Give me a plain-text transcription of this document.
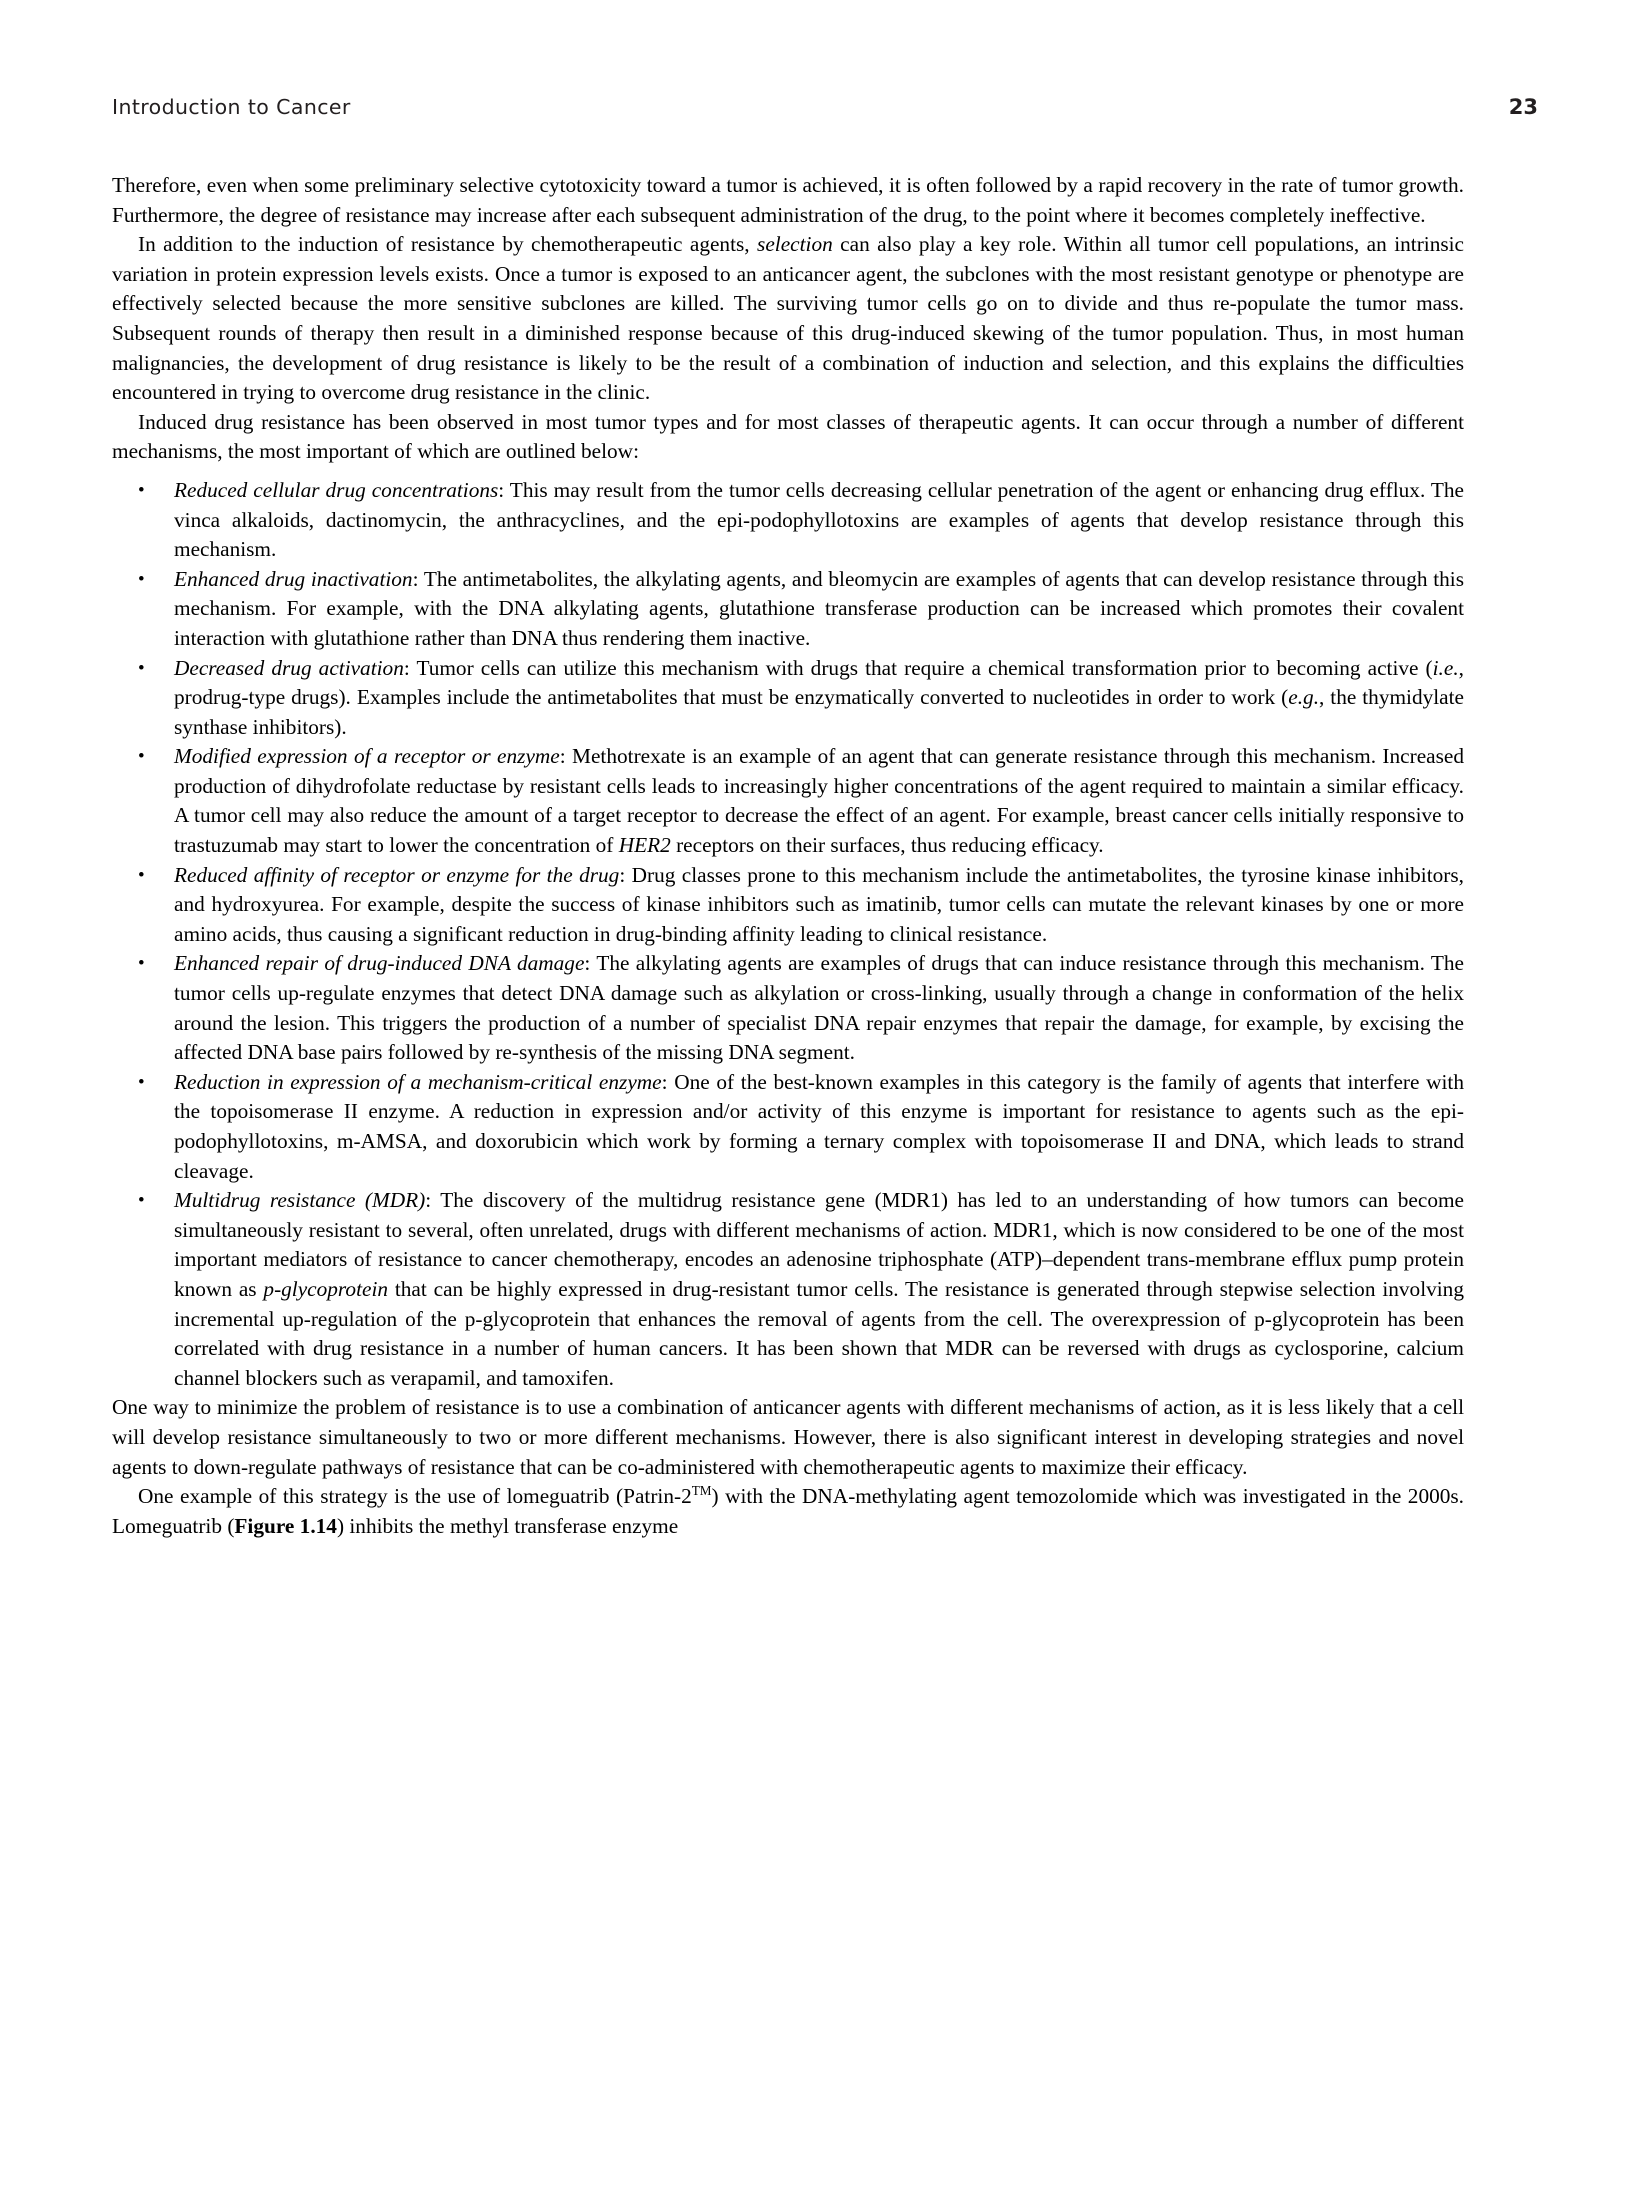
Introduction to Cancer	23

Therefore, even when some preliminary selective cytotoxicity toward a tumor is achieved, it is often followed by a rapid recovery in the rate of tumor growth. Furthermore, the degree of resistance may increase after each subsequent administration of the drug, to the point where it becomes completely ineffective.

In addition to the induction of resistance by chemotherapeutic agents, selection can also play a key role. Within all tumor cell populations, an intrinsic variation in protein expression levels exists. Once a tumor is exposed to an anticancer agent, the subclones with the most resistant genotype or phenotype are effectively selected because the more sensitive subclones are killed. The surviving tumor cells go on to divide and thus re-populate the tumor mass. Subsequent rounds of therapy then result in a diminished response because of this drug-induced skewing of the tumor population. Thus, in most human malignancies, the development of drug resistance is likely to be the result of a combination of induction and selection, and this explains the difficulties encountered in trying to overcome drug resistance in the clinic.

Induced drug resistance has been observed in most tumor types and for most classes of therapeutic agents. It can occur through a number of different mechanisms, the most important of which are outlined below:

• Reduced cellular drug concentrations: This may result from the tumor cells decreasing cellular penetration of the agent or enhancing drug efflux. The vinca alkaloids, dactinomycin, the anthracyclines, and the epi-podophyllotoxins are examples of agents that develop resistance through this mechanism.
• Enhanced drug inactivation: The antimetabolites, the alkylating agents, and bleomycin are examples of agents that can develop resistance through this mechanism. For example, with the DNA alkylating agents, glutathione transferase production can be increased which promotes their covalent interaction with glutathione rather than DNA thus rendering them inactive.
• Decreased drug activation: Tumor cells can utilize this mechanism with drugs that require a chemical transformation prior to becoming active (i.e., prodrug-type drugs). Examples include the antimetabolites that must be enzymatically converted to nucleotides in order to work (e.g., the thymidylate synthase inhibitors).
• Modified expression of a receptor or enzyme: Methotrexate is an example of an agent that can generate resistance through this mechanism. Increased production of dihydrofolate reductase by resistant cells leads to increasingly higher concentrations of the agent required to maintain a similar efficacy. A tumor cell may also reduce the amount of a target receptor to decrease the effect of an agent. For example, breast cancer cells initially responsive to trastuzumab may start to lower the concentration of HER2 receptors on their surfaces, thus reducing efficacy.
• Reduced affinity of receptor or enzyme for the drug: Drug classes prone to this mechanism include the antimetabolites, the tyrosine kinase inhibitors, and hydroxyurea. For example, despite the success of kinase inhibitors such as imatinib, tumor cells can mutate the relevant kinases by one or more amino acids, thus causing a significant reduction in drug-binding affinity leading to clinical resistance.
• Enhanced repair of drug-induced DNA damage: The alkylating agents are examples of drugs that can induce resistance through this mechanism. The tumor cells up-regulate enzymes that detect DNA damage such as alkylation or cross-linking, usually through a change in conformation of the helix around the lesion. This triggers the production of a number of specialist DNA repair enzymes that repair the damage, for example, by excising the affected DNA base pairs followed by re-synthesis of the missing DNA segment.
• Reduction in expression of a mechanism-critical enzyme: One of the best-known examples in this category is the family of agents that interfere with the topoisomerase II enzyme. A reduction in expression and/or activity of this enzyme is important for resistance to agents such as the epi-podophyllotoxins, m-AMSA, and doxorubicin which work by forming a ternary complex with topoisomerase II and DNA, which leads to strand cleavage.
• Multidrug resistance (MDR): The discovery of the multidrug resistance gene (MDR1) has led to an understanding of how tumors can become simultaneously resistant to several, often unrelated, drugs with different mechanisms of action. MDR1, which is now considered to be one of the most important mediators of resistance to cancer chemotherapy, encodes an adenosine triphosphate (ATP)–dependent trans-membrane efflux pump protein known as p-glycoprotein that can be highly expressed in drug-resistant tumor cells. The resistance is generated through stepwise selection involving incremental up-regulation of the p-glycoprotein that enhances the removal of agents from the cell. The overexpression of p-glycoprotein has been correlated with drug resistance in a number of human cancers. It has been shown that MDR can be reversed with drugs as cyclosporine, calcium channel blockers such as verapamil, and tamoxifen.

One way to minimize the problem of resistance is to use a combination of anticancer agents with different mechanisms of action, as it is less likely that a cell will develop resistance simultaneously to two or more different mechanisms. However, there is also significant interest in developing strategies and novel agents to down-regulate pathways of resistance that can be co-administered with chemotherapeutic agents to maximize their efficacy.

One example of this strategy is the use of lomeguatrib (Patrin-2™) with the DNA-methylating agent temozolomide which was investigated in the 2000s. Lomeguatrib (Figure 1.14) inhibits the methyl transferase enzyme
